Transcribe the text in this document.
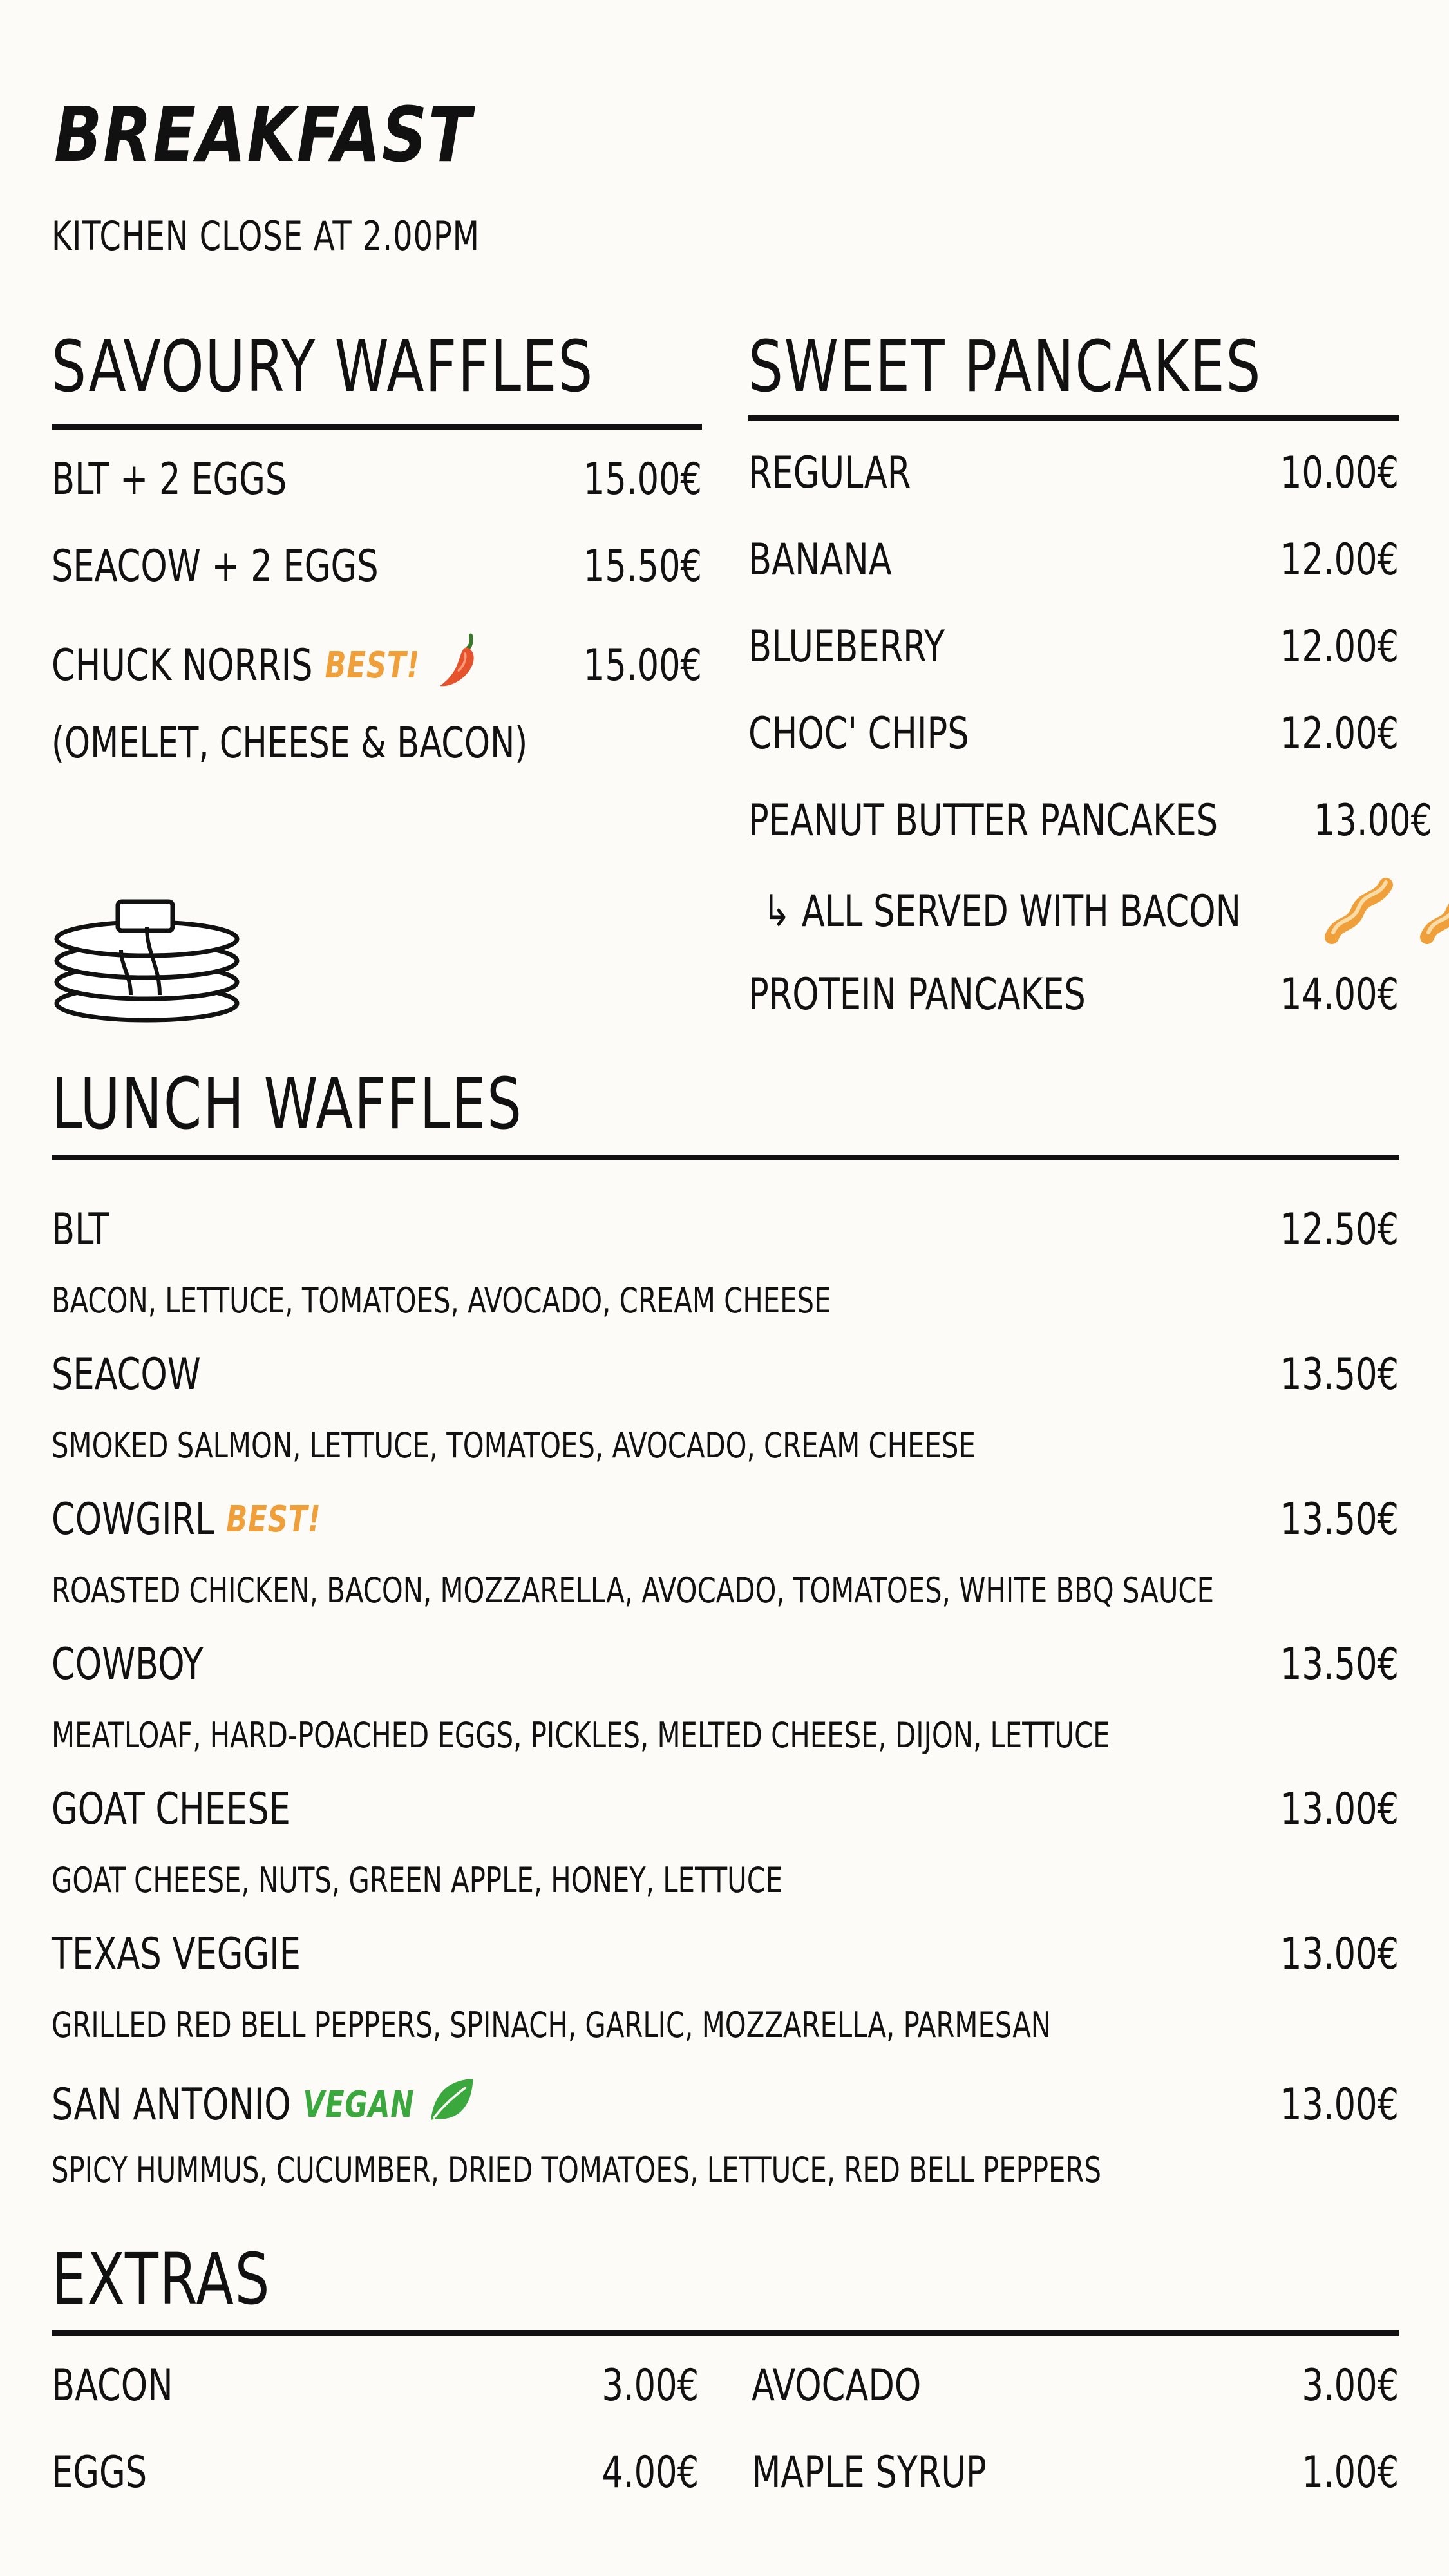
BREAKFAST
KITCHEN CLOSE AT 2.00PM
SAVOURY WAFFLES
BLT + 2 EGGS	15.00€
SEACOW + 2 EGGS	15.50€
CHUCK NORRIS BEST!	15.00€
(OMELET, CHEESE & BACON)
SWEET PANCAKES
REGULAR	10.00€
BANANA	12.00€
BLUEBERRY	12.00€
CHOC' CHIPS	12.00€
PEANUT BUTTER PANCAKES 13.00€
↳ ALL SERVED WITH BACON
PROTEIN PANCAKES	14.00€
LUNCH WAFFLES
BLT	12.50€
BACON, LETTUCE, TOMATOES, AVOCADO, CREAM CHEESE
SEACOW	13.50€
SMOKED SALMON, LETTUCE, TOMATOES, AVOCADO, CREAM CHEESE
COWGIRL BEST!	13.50€
ROASTED CHICKEN, BACON, MOZZARELLA, AVOCADO, TOMATOES, WHITE BBQ SAUCE
COWBOY	13.50€
MEATLOAF, HARD-POACHED EGGS, PICKLES, MELTED CHEESE, DIJON, LETTUCE
GOAT CHEESE	13.00€
GOAT CHEESE, NUTS, GREEN APPLE, HONEY, LETTUCE
TEXAS VEGGIE	13.00€
GRILLED RED BELL PEPPERS, SPINACH, GARLIC, MOZZARELLA, PARMESAN
SAN ANTONIO VEGAN	13.00€
SPICY HUMMUS, CUCUMBER, DRIED TOMATOES, LETTUCE, RED BELL PEPPERS
EXTRAS
BACON	3.00€
EGGS	4.00€
AVOCADO	3.00€
MAPLE SYRUP	1.00€
